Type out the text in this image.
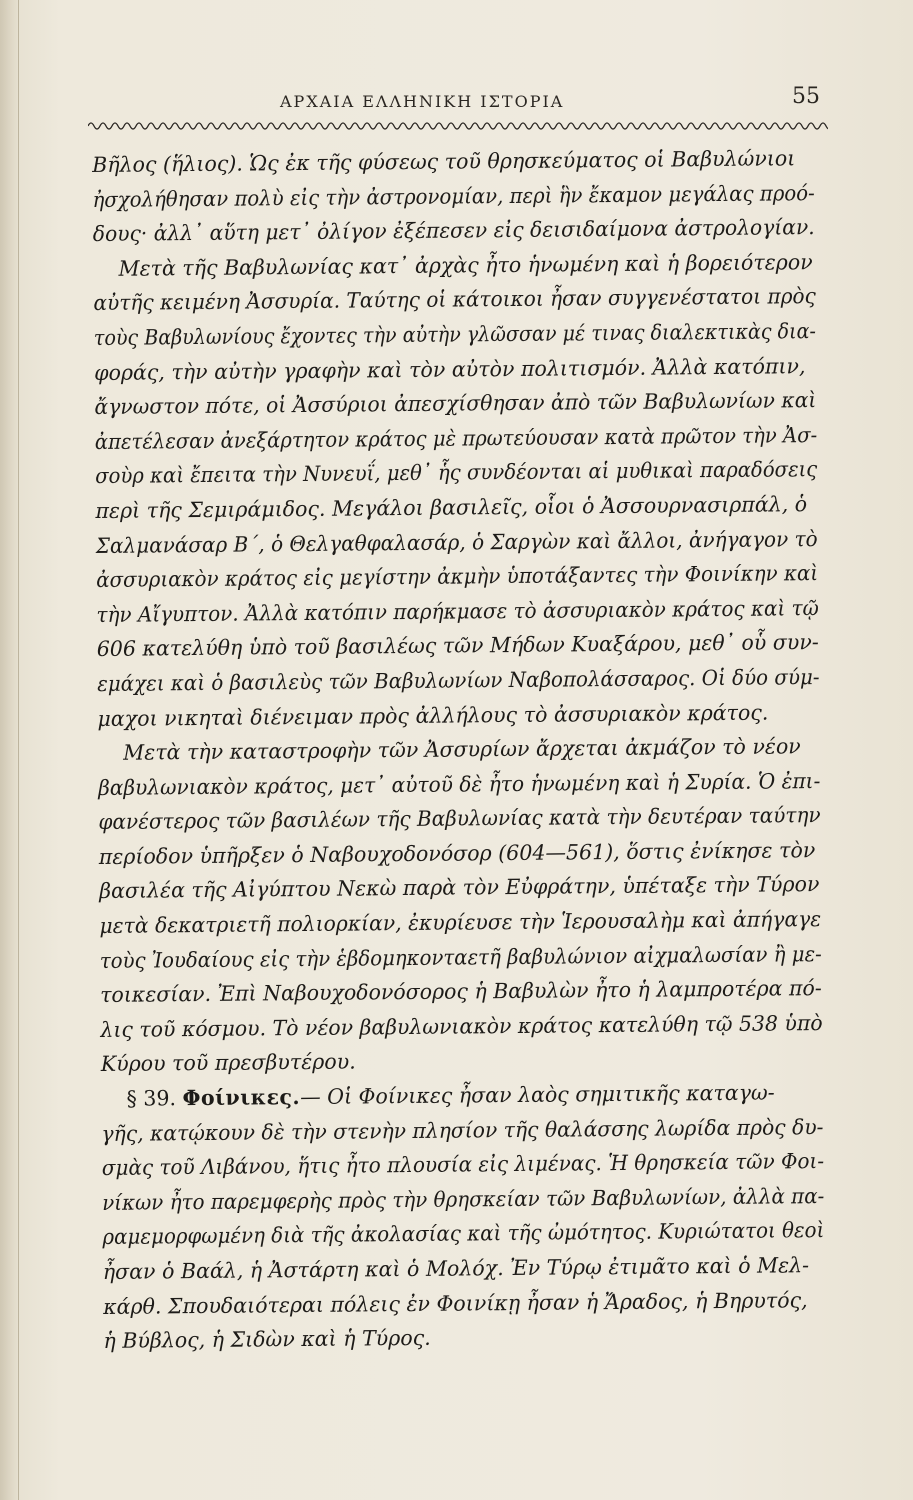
ΑΡΧΑΙΑ ΕΛΛΗΝΙΚΗ ΙΣΤΟΡΙΑ	55
Βῆλος (ἥλιος). Ὡς ἐκ τῆς φύσεως τοῦ θρησκεύματος οἱ Βαβυλώνιοι
ἠσχολήθησαν πολὺ εἰς τὴν ἀστρονομίαν, περὶ ἣν ἔκαμον μεγάλας προό-
δους· ἀλλ᾽ αὕτη μετ᾽ ὀλίγον ἐξέπεσεν εἰς δεισιδαίμονα ἀστρολογίαν.
Μετὰ τῆς Βαβυλωνίας κατ᾽ ἀρχὰς ἦτο ἡνωμένη καὶ ἡ βορειότερον
αὐτῆς κειμένη Ἀσσυρία. Ταύτης οἱ κάτοικοι ἦσαν συγγενέστατοι πρὸς
τοὺς Βαβυλωνίους ἔχοντες τὴν αὐτὴν γλῶσσαν μέ τινας διαλεκτικὰς δια-
φοράς, τὴν αὐτὴν γραφὴν καὶ τὸν αὐτὸν πολιτισμόν. Ἀλλὰ κατόπιν,
ἄγνωστον πότε, οἱ Ἀσσύριοι ἀπεσχίσθησαν ἀπὸ τῶν Βαβυλωνίων καὶ
ἀπετέλεσαν ἀνεξάρτητον κράτος μὲ πρωτεύουσαν κατὰ πρῶτον τὴν Ἀσ-
σοὺρ καὶ ἔπειτα τὴν Νυνευΐ, μεθ᾽ ἧς συνδέονται αἱ μυθικαὶ παραδόσεις
περὶ τῆς Σεμιράμιδος. Μεγάλοι βασιλεῖς, οἷοι ὁ Ἀσσουρνασιρπάλ, ὁ
Σαλμανάσαρ Β΄, ὁ Θελγαθφαλασάρ, ὁ Σαργὼν καὶ ἄλλοι, ἀνήγαγον τὸ
ἀσσυριακὸν κράτος εἰς μεγίστην ἀκμὴν ὑποτάξαντες τὴν Φοινίκην καὶ
τὴν Αἴγυπτον. Ἀλλὰ κατόπιν παρήκμασε τὸ ἀσσυριακὸν κράτος καὶ τῷ
606 κατελύθη ὑπὸ τοῦ βασιλέως τῶν Μήδων Κυαξάρου, μεθ᾽ οὗ συν-
εμάχει καὶ ὁ βασιλεὺς τῶν Βαβυλωνίων Ναβοπολάσσαρος. Οἱ δύο σύμ-
μαχοι νικηταὶ διένειμαν πρὸς ἀλλήλους τὸ ἀσσυριακὸν κράτος.
Μετὰ τὴν καταστροφὴν τῶν Ἀσσυρίων ἄρχεται ἀκμάζον τὸ νέον
βαβυλωνιακὸν κράτος, μετ᾽ αὐτοῦ δὲ ἦτο ἡνωμένη καὶ ἡ Συρία. Ὁ ἐπι-
φανέστερος τῶν βασιλέων τῆς Βαβυλωνίας κατὰ τὴν δευτέραν ταύτην
περίοδον ὑπῆρξεν ὁ Ναβουχοδονόσορ (604—561), ὅστις ἐνίκησε τὸν
βασιλέα τῆς Αἰγύπτου Νεκὼ παρὰ τὸν Εὐφράτην, ὑπέταξε τὴν Τύρον
μετὰ δεκατριετῆ πολιορκίαν, ἐκυρίευσε τὴν Ἱερουσαλὴμ καὶ ἀπήγαγε
τοὺς Ἰουδαίους εἰς τὴν ἑβδομηκονταετῆ βαβυλώνιον αἰχμαλωσίαν ἢ με-
τοικεσίαν. Ἐπὶ Ναβουχοδονόσορος ἡ Βαβυλὼν ἦτο ἡ λαμπροτέρα πό-
λις τοῦ κόσμου. Τὸ νέον βαβυλωνιακὸν κράτος κατελύθη τῷ 538 ὑπὸ
Κύρου τοῦ πρεσβυτέρου.
§ 39. Φοίνικες.— Οἱ Φοίνικες ἦσαν λαὸς σημιτικῆς καταγω-
γῆς, κατῴκουν δὲ τὴν στενὴν πλησίον τῆς θαλάσσης λωρίδα πρὸς δυ-
σμὰς τοῦ Λιβάνου, ἥτις ἦτο πλουσία εἰς λιμένας. Ἡ θρησκεία τῶν Φοι-
νίκων ἦτο παρεμφερὴς πρὸς τὴν θρησκείαν τῶν Βαβυλωνίων, ἀλλὰ πα-
ραμεμορφωμένη διὰ τῆς ἀκολασίας καὶ τῆς ὠμότητος. Κυριώτατοι θεοὶ
ἦσαν ὁ Βαάλ, ἡ Ἀστάρτη καὶ ὁ Μολόχ. Ἐν Τύρῳ ἐτιμᾶτο καὶ ὁ Μελ-
κάρθ. Σπουδαιότεραι πόλεις ἐν Φοινίκῃ ἦσαν ἡ Ἄραδος, ἡ Βηρυτός,
ἡ Βύβλος, ἡ Σιδὼν καὶ ἡ Τύρος.
